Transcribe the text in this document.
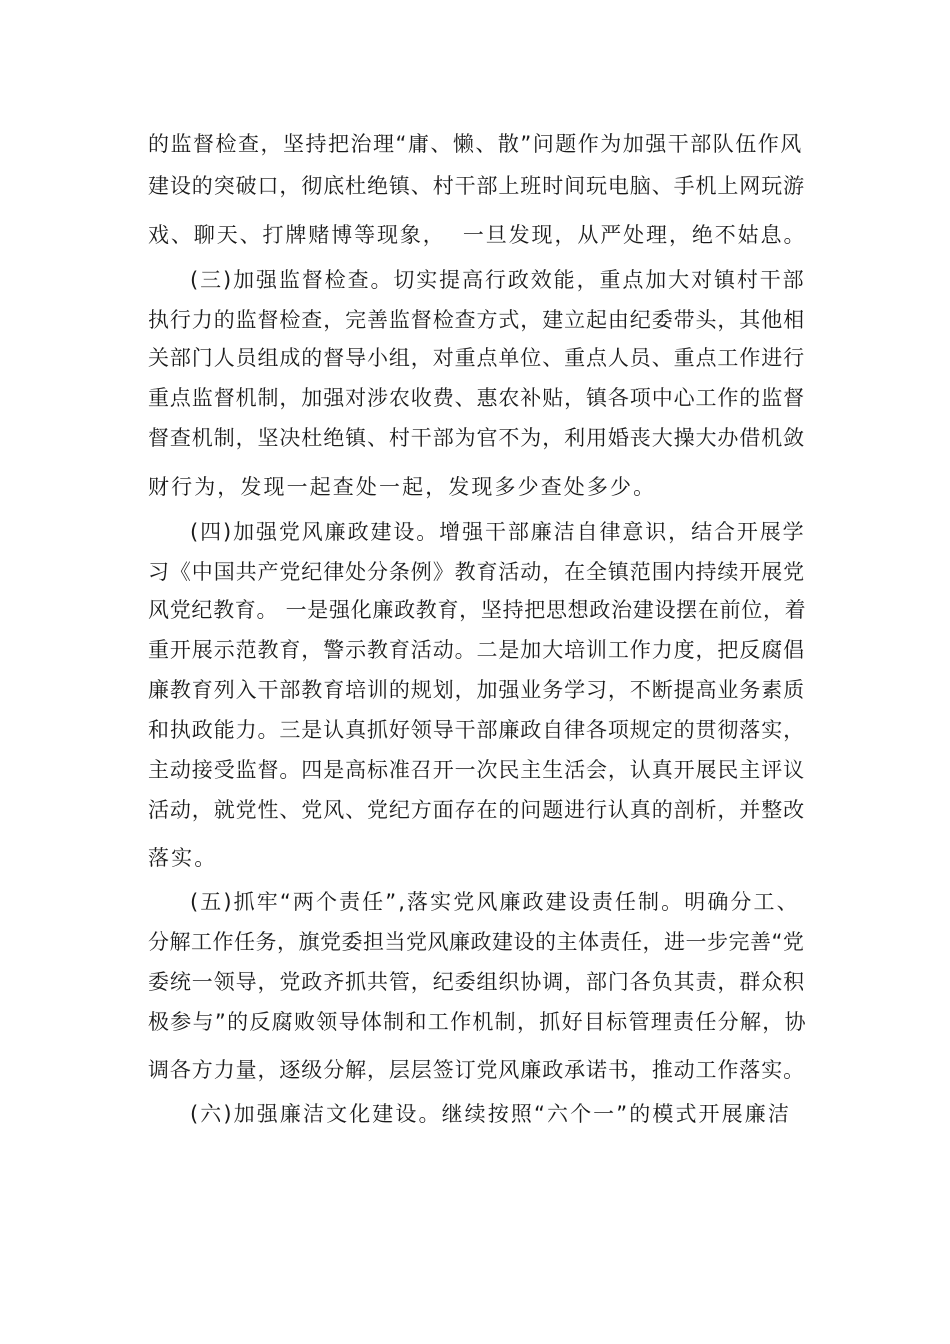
的监督检查，坚持把治理“庸、懒、散”问题作为加强干部队伍作风
建设的突破口，彻底杜绝镇、村干部上班时间玩电脑、手机上网玩游
戏、聊天、打牌赌博等现象，  一旦发现，从严处理，绝不姑息。
(三)加强监督检查。切实提高行政效能，重点加大对镇村干部
执行力的监督检查，完善监督检查方式，建立起由纪委带头，其他相
关部门人员组成的督导小组，对重点单位、重点人员、重点工作进行
重点监督机制，加强对涉农收费、惠农补贴，镇各项中心工作的监督
督查机制，坚决杜绝镇、村干部为官不为，利用婚丧大操大办借机敛
财行为，发现一起查处一起，发现多少查处多少。
(四)加强党风廉政建设。增强干部廉洁自律意识，结合开展学
习《中国共产党纪律处分条例》教育活动，在全镇范围内持续开展党
风党纪教育。 一是强化廉政教育，坚持把思想政治建设摆在前位，着
重开展示范教育，警示教育活动。二是加大培训工作力度，把反腐倡
廉教育列入干部教育培训的规划，加强业务学习，不断提高业务素质
和执政能力。三是认真抓好领导干部廉政自律各项规定的贯彻落实，
主动接受监督。四是高标准召开一次民主生活会，认真开展民主评议
活动，就党性、党风、党纪方面存在的问题进行认真的剖析，并整改
落实。
(五)抓牢“两个责任”,落实党风廉政建设责任制。明确分工、
分解工作任务，旗党委担当党风廉政建设的主体责任，进一步完善“党
委统一领导，党政齐抓共管，纪委组织协调，部门各负其责，群众积
极参与”的反腐败领导体制和工作机制，抓好目标管理责任分解，协
调各方力量，逐级分解，层层签订党风廉政承诺书，推动工作落实。
(六)加强廉洁文化建设。继续按照“六个一”的模式开展廉洁
